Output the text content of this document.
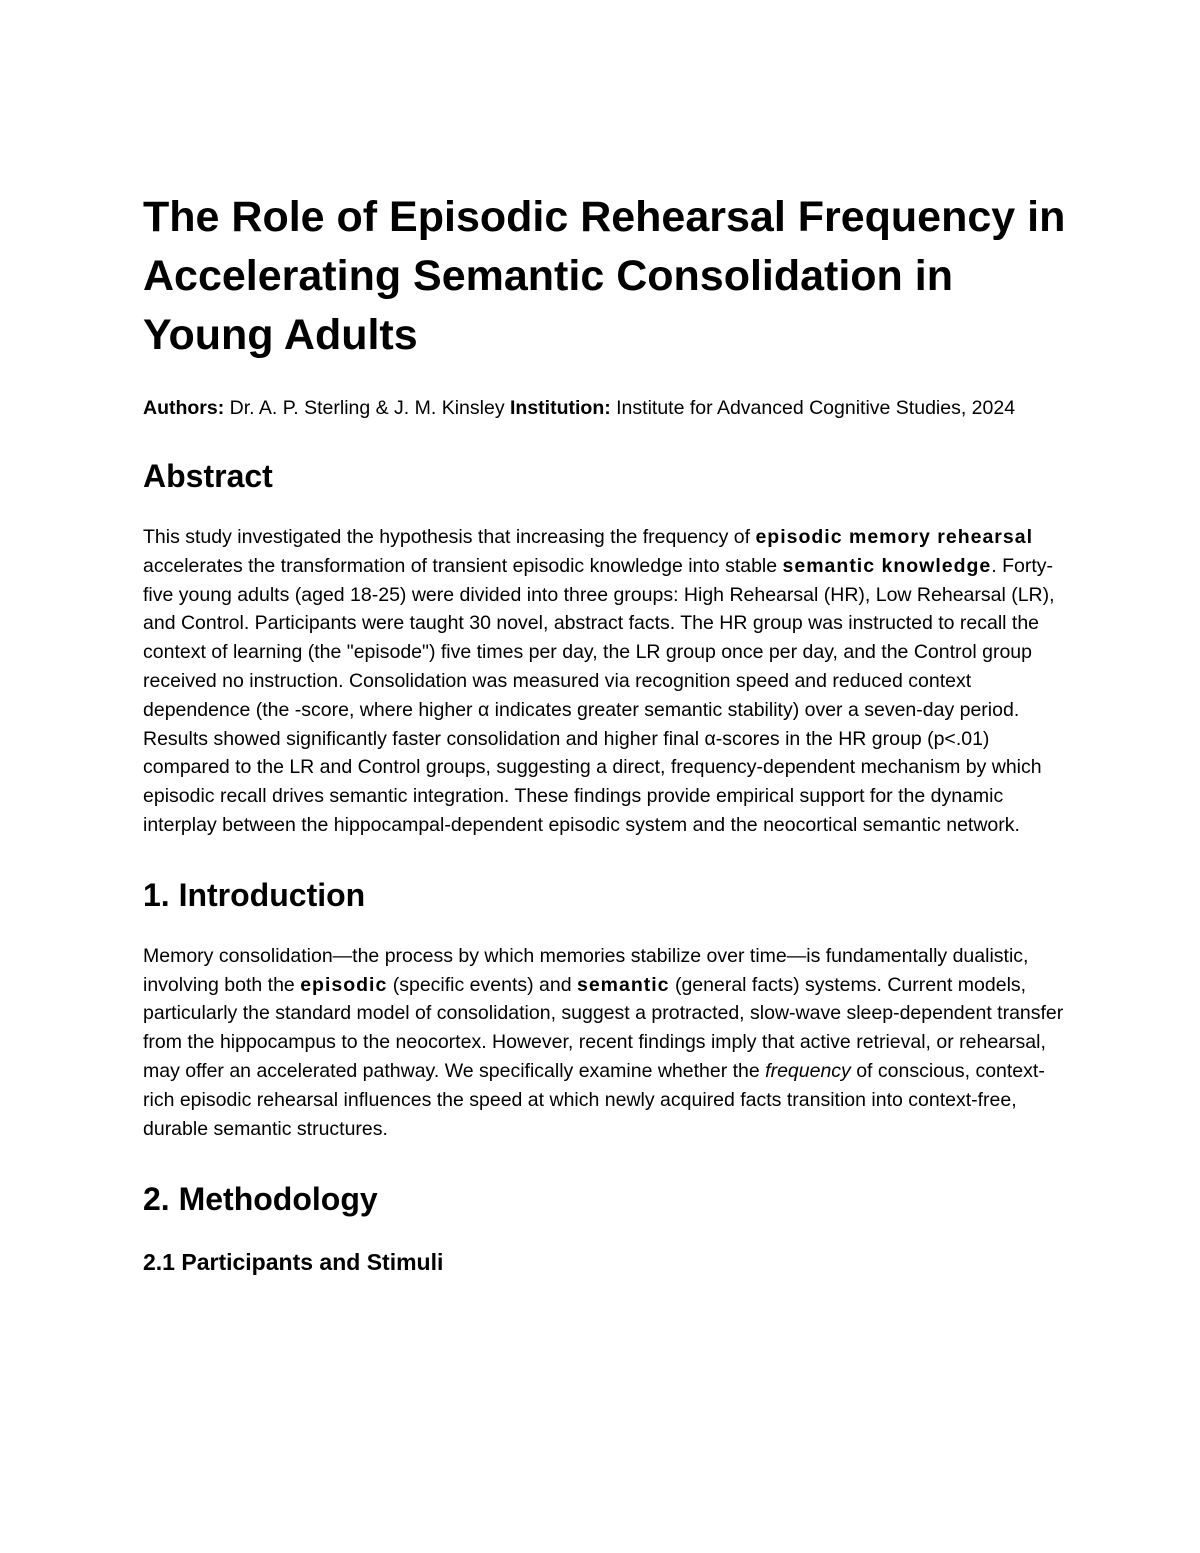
The Role of Episodic Rehearsal Frequency in Accelerating Semantic Consolidation in Young Adults

Authors: Dr. A. P. Sterling & J. M. Kinsley Institution: Institute for Advanced Cognitive Studies, 2024

Abstract

This study investigated the hypothesis that increasing the frequency of episodic memory rehearsal accelerates the transformation of transient episodic knowledge into stable semantic knowledge. Forty-five young adults (aged 18-25) were divided into three groups: High Rehearsal (HR), Low Rehearsal (LR), and Control. Participants were taught 30 novel, abstract facts. The HR group was instructed to recall the context of learning (the "episode") five times per day, the LR group once per day, and the Control group received no instruction. Consolidation was measured via recognition speed and reduced context dependence (the -score, where higher α indicates greater semantic stability) over a seven-day period. Results showed significantly faster consolidation and higher final α-scores in the HR group (p<.01) compared to the LR and Control groups, suggesting a direct, frequency-dependent mechanism by which episodic recall drives semantic integration. These findings provide empirical support for the dynamic interplay between the hippocampal-dependent episodic system and the neocortical semantic network.

1. Introduction

Memory consolidation—the process by which memories stabilize over time—is fundamentally dualistic, involving both the episodic (specific events) and semantic (general facts) systems. Current models, particularly the standard model of consolidation, suggest a protracted, slow-wave sleep-dependent transfer from the hippocampus to the neocortex. However, recent findings imply that active retrieval, or rehearsal, may offer an accelerated pathway. We specifically examine whether the frequency of conscious, context-rich episodic rehearsal influences the speed at which newly acquired facts transition into context-free, durable semantic structures.

2. Methodology
2.1 Participants and Stimuli
